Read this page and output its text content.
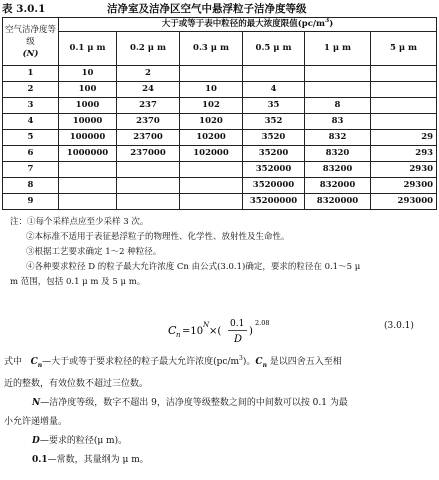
表 3.0.1	洁净室及洁净区空气中悬浮粒子洁净度等级
空气洁净度等级
(N)	大于或等于表中粒径的最大浓度限值$(pc/m^3)$					
	0.1 μ m	0.2 μ m	0.3 μ m	0.5 μ m	1 μ m	5 μ m
1	10	2				
2	100	24	10	4		
3	1000	237	102	35	8	
4	10000	2370	1020	352	83	
5	100000	23700	10200	3520	832	29
6	1000000	237000	102000	35200	8320	293
7				352000	83200	2930
8				3520000	832000	29300
9				35200000	8320000	293000
注：①每个采样点应至少采样 3 次。
②本标准不适用于表征悬浮粒子的物理性、化学性、放射性及生命性。
③根据工艺要求确定 1～2 种粒径。
④各种要求粒径 D 的粒子最大允许浓度 Cn 由公式(3.0.1)确定，要求的粒径在 0.1～5 μ
m 范围，包括 0.1 μ m 及 5 μ m。
C n =10
N
×(
0.1
D
)
2.08	(3.0.1)

式中 $C_n—$大于或等于要求粒径的粒子最大允许浓度$(pc/m^3)$。$C_n$ 是以四舍五入至相

近的整数，有效位数不超过三位数。

N—洁净度等级，数字不超出 9，洁净度等级整数之间的中间数可以按 0.1 为最

小允许递增量。

D—要求的粒径(μ m)。

0.1—常数，其量纲为 μ m。
